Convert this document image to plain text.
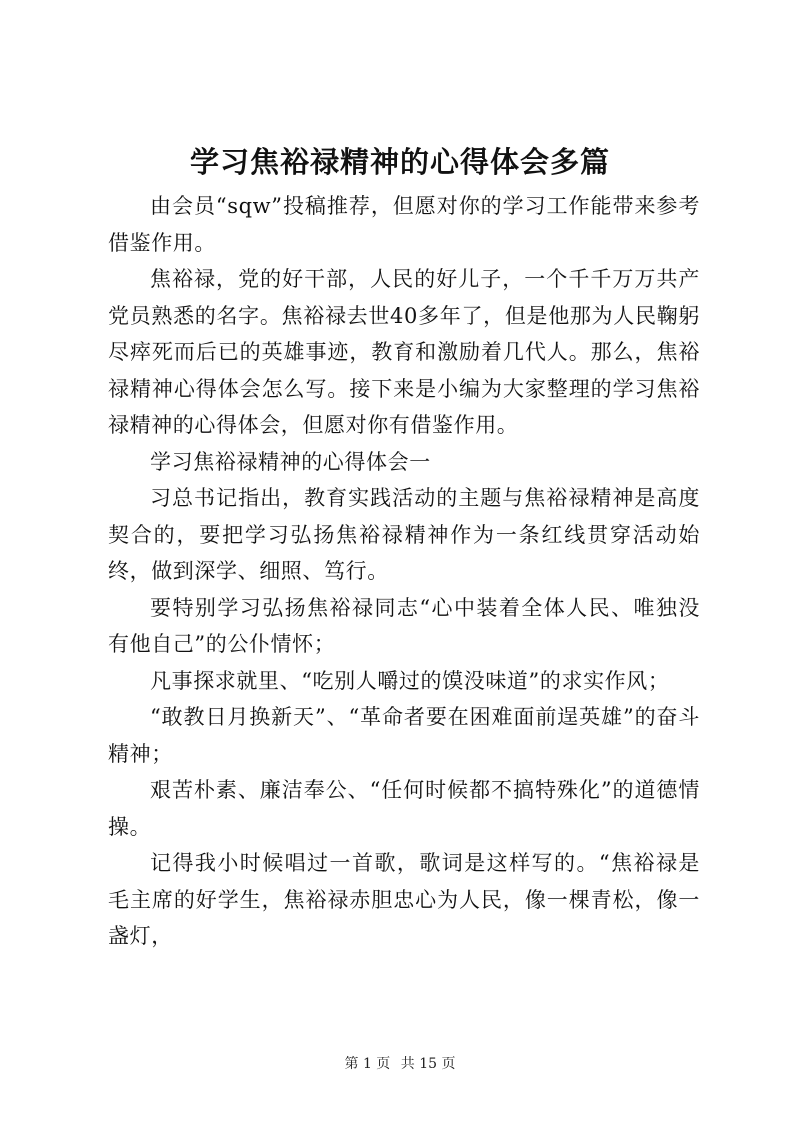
学习焦裕禄精神的心得体会多篇

由会员“sqw”投稿推荐，但愿对你的学习工作能带来参考借鉴作用。

焦裕禄，党的好干部，人民的好儿子，一个千千万万共产党员熟悉的名字。焦裕禄去世40多年了，但是他那为人民鞠躬尽瘁死而后已的英雄事迹，教育和激励着几代人。那么，焦裕禄精神心得体会怎么写。接下来是小编为大家整理的学习焦裕禄精神的心得体会，但愿对你有借鉴作用。

学习焦裕禄精神的心得体会一

习总书记指出，教育实践活动的主题与焦裕禄精神是高度契合的，要把学习弘扬焦裕禄精神作为一条红线贯穿活动始终，做到深学、细照、笃行。

要特别学习弘扬焦裕禄同志“心中装着全体人民、唯独没有他自己”的公仆情怀；

凡事探求就里、“吃别人嚼过的馍没味道”的求实作风；

“敢教日月换新天”、“革命者要在困难面前逞英雄”的奋斗精神；

艰苦朴素、廉洁奉公、“任何时候都不搞特殊化”的道德情操。

记得我小时候唱过一首歌，歌词是这样写的。“焦裕禄是毛主席的好学生，焦裕禄赤胆忠心为人民，像一棵青松，像一盏灯，

第 1 页 共 15 页
